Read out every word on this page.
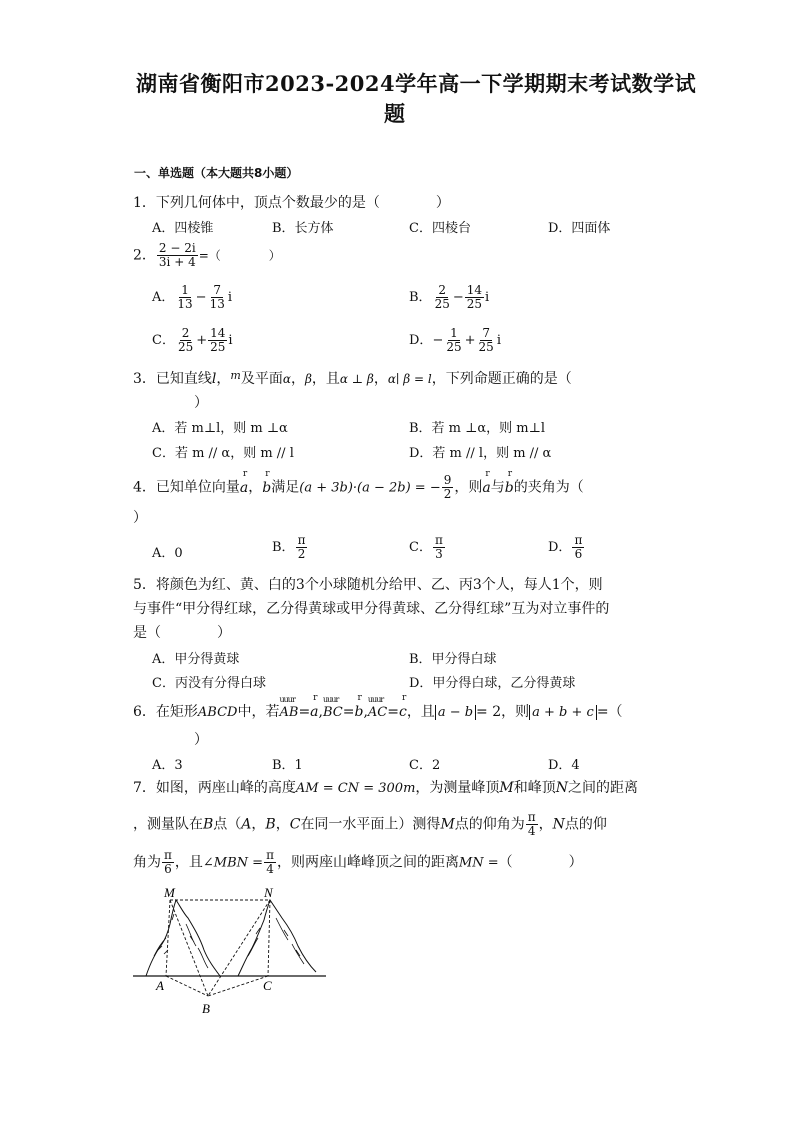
湖南省衡阳市2023-2024学年高一下学期期末考试数学试
题
一、单选题（本大题共8小题）
1．下列几何体中，顶点个数最少的是（　　　　）
A．四棱锥	B．长方体	C．四棱台	D．四面体
2． $\frac{2 - 2i}{3i + 4}$ =（　　　　）
A． $\frac{1}{13} - \frac{7}{13}$ i	B． $\frac{2}{25} - \frac{14}{25}$ i
C． $\frac{2}{25} + \frac{14}{25}$ i	D．− $\frac{1}{25} + \frac{7}{25}$ i
3．已知直线l，$^m$及平面α，β，且α ⊥ β，α∣ β = l，下列命题正确的是（
）
A．若 m⊥l，则 m ⊥α	B．若 m ⊥α，则 m⊥l
C．若 m // α，则 m // l	D．若 m // l，则 m // α
4．已知单位向量r a，r b满足(a + 3b)·(a − 2b) = − $\frac{9}{2}$ ，则r a与r b的夹角为（
）
A．0	B． $\frac{\pi}{2}$	C． $\frac{\pi}{3}$	D． $\frac{\pi}{6}$
5．将颜色为红、黄、白的3个小球随机分给甲、乙、丙3个人，每人1个，则
与事件“甲分得红球，乙分得黄球或甲分得黄球、乙分得红球”互为对立事件的
是（　　　　）
A．甲分得黄球	B．甲分得白球
C．丙没有分得白球	D．甲分得白球，乙分得黄球
6．在矩形ABCD中，若uuur AB=r a,uuur BC=r b,uuur AC=r c，且 a − b = 2，则 a + b + c =（
）
A．3	B．1	C．2	D．4
7．如图，两座山峰的高度AM = CN = 300m，为测量峰顶M和峰顶N之间的距离
，测量队在B点（A，B，C在同一水平面上）测得M点的仰角为 $\frac{\pi}{4}$ ，N点的仰
角为 $\frac{\pi}{6}$ ，且∠MBN = $\frac{\pi}{4}$ ，则两座山峰峰顶之间的距离MN =（　　　　）
M	N
A
B
C
